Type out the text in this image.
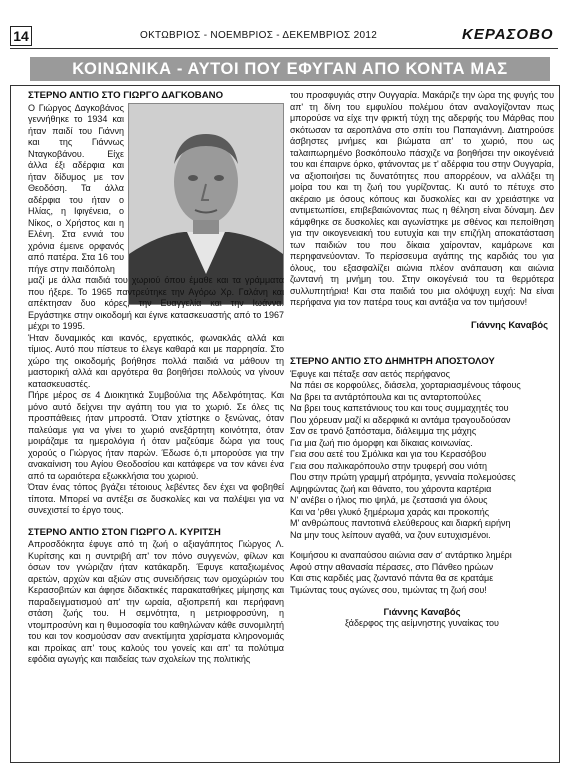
14	ΟΚΤΩΒΡΙΟΣ - ΝΟΕΜΒΡΙΟΣ - ΔΕΚΕΜΒΡΙΟΣ 2012	ΚΕΡΑΣΟΒΟ
ΚΟΙΝΩΝΙΚΑ - ΑΥΤΟΙ ΠΟΥ ΕΦΥΓΑΝ ΑΠΟ ΚΟΝΤΑ ΜΑΣ
ΣΤΕΡΝΟ ΑΝΤΙΟ ΣΤΟ ΓΙΩΡΓΟ ΔΑΓΚΟΒΑΝΟ

Ο Γιώργος Δαγκοβάνος γεννήθηκε το 1934 και ήταν παιδί του Γιάννη και της Γιάννως Νταγκοβάνου. Είχε άλλα έξι αδέρφια και ήταν δίδυμος με τον Θεοδόση. Τα άλλα αδέρφια του ήταν ο Ηλίας, η Ιφιγένεια, ο Νίκος, ο Χρήστος και η Ελένη. Στα εννιά του χρόνια έμεινε ορφανός από πατέρα. Στα 16 του πήγε στην παιδόπολη

μαζί με άλλα παιδιά του χωριού όπου έμαθε και τα γράμματα που ήξερε. Το 1965 παντρεύτηκε την Αγόρω Χρ. Γαλάνη και απέκτησαν δυο κόρες, την Ευαγγελία και την Ιωάννα. Εργάστηκε στην οικοδομή και έγινε κατασκευαστής από το 1967 μέχρι το 1995.

Ήταν δυναμικός και ικανός, εργατικός, φωνακλάς αλλά και τίμιος. Αυτό που πίστευε το έλεγε καθαρά και με παρρησία. Στο χώρο της οικοδομής βοήθησε πολλά παιδιά να μάθουν τη μαστορική αλλά και αργότερα θα βοηθήσει πολλούς να γίνουν κατασκευαστές.

Πήρε μέρος σε 4 Διοικητικά Συμβούλια της Αδελφότητας. Και μόνο αυτό δείχνει την αγάπη του για το χωριό. Σε όλες τις προσπάθειες ήταν μπροστά. Όταν χτίστηκε ο ξενώνας, όταν παλεύαμε για να γίνει το χωριό ανεξάρτητη κοινότητα, όταν μοιράζαμε τα ημερολόγια ή όταν μαζεύαμε δώρα για τους χορούς ο Γιώργος ήταν παρών. Έδωσε ό,τι μπορούσε για την ανακαίνιση του Αγίου Θεοδοσίου και κατάφερε να τον κάνει ένα από τα ωραιότερα εξωκκλήσια του χωριού.

Όταν ένας τόπος βγάζει τέτοιους λεβέντες δεν έχει να φοβηθεί τίποτα. Μπορεί να αντέξει σε δυσκολίες και να παλέψει για να συνεχιστεί το έργο τους.

ΣΤΕΡΝΟ ΑΝΤΙΟ ΣΤΟΝ ΓΙΩΡΓΟ Λ. ΚΥΡΙΤΣΗ

Απροσδόκητα έφυγε από τη ζωή ο αξιαγάπητος Γιώργος Λ. Κυρίτσης και η συντριβή απ' τον πόνο συγγενών, φίλων και όσων τον γνώριζαν ήταν κατάκαρδη. Έφυγε καταξιωμένος αρετών, αρχών και αξιών στις συνειδήσεις των ομοχώριών του Κερασοβιτών και άφησε διδακτικές παρακαταθήκες μίμησης και παραδειγματισμού απ' την ωραία, αξιοπρεπή και περήφανη στάση ζωής του. Η σεμνότητα, η μετριοφροσύνη, η ντομπροσύνη και η θυμοσοφία του καθηλώναν κάθε συνομιλητή του και τον κοσμούσαν σαν ανεκτίμητα χαρίσματα κληρονομιάς και προίκας απ' τους καλούς του γονείς και απ' τα πολύτιμα εφόδια αγωγής και παιδείας των σχολείων της πολιτικής

του προσφυγιάς στην Ουγγαρία. Μακάριζε την ώρα της φυγής του απ' τη δίνη του εμφυλίου πολέμου όταν αναλογίζονταν πως μπορούσε να είχε την φρικτή τύχη της αδερφής του Μάρθας που σκότωσαν τα αεροπλάνα στο σπίτι του Παπαγιάννη. Διατηρούσε άσβηστες μνήμες και βιώματα απ' το χωριό, που ως ταλαιπωρημένο βοσκόπουλο πάσχιζε να βοηθήσει την οικογένειά του και έπαιρνε όρκο, φτάνοντας με τ' αδέρφια του στην Ουγγαρία, να αξιοποιήσει τις δυνατότητες που απορρέουν, να αλλάξει τη μοίρα του και τη ζωή του γυρίζοντας. Κι αυτό το πέτυχε στο ακέραιο με όσους κόπους και δυσκολίες και αν χρειάστηκε να αντιμετωπίσει, επιβεβαιώνοντας πως η θέληση είναι δύναμη. Δεν κάμφθηκε σε δυσκολίες και αγωνίστηκε με σθένος και πεποίθηση για την οικογενειακή του ευτυχία και την επιζήλη αποκατάσταση των παιδιών του που δίκαια χαίρονταν, καμάρωνε και περηφανεύονταν. Το περίσσευμα αγάπης της καρδιάς του για όλους, του εξασφαλίζει αιώνια πλέον ανάπαυση και αιώνια ζωντανή τη μνήμη του. Στην οικογένειά του τα θερμότερα συλλυπητήρια! Και στα παιδιά του μια ολόψυχη ευχή: Να είναι περήφανα για τον πατέρα τους και αντάξια να τον τιμήσουν!

Γιάννης Καναβός
ΣΤΕΡΝΟ ΑΝΤΙΟ ΣΤΟ ΔΗΜΗΤΡΗ ΑΠΟΣΤΟΛΟΥ
Έφυγε και πέταξε σαν αετός περήφανος
Να πάει σε κορφούλες, διάσελα, χορταριασμένους τάφους
Να βρει τα αντάρτόπουλα και τις ανταρτοπούλες
Να βρει τους καπετάνιους του και τους συμμαχητές του
Που χόρευαν μαζί κι αδερφικά κι αντάμα τραγουδούσαν
Σαν σε τρανό ξαπόσταμα, διάλειμμα της μάχης
Για μια ζωή πιο όμορφη και δίκαιας κοινωνίας.
Γεια σου αετέ του Σμόλικα και για του Κερασόβου
Γεια σου παλικαρόπουλο στην τρυφερή σου νιότη
Που στην πρώτη γραμμή ατρόμητα, γενναία πολεμούσες
Αψηφώντας ζωή και θάνατο, του χάροντα καρτέρια
Ν' ανέβει ο ήλιος πιο ψηλά, με ζεστασιά για όλους
Και να 'ρθει γλυκό ξημέρωμα χαράς και προκοπής
Μ' ανθρώπους παντοτινά ελεύθερους και διαρκή ειρήνη
Να μην τους λείπουν αγαθά, να ζουν ευτυχισμένοι.
Κοιμήσου κι αναπαύσου αιώνια σαν σ' αντάρτικο λημέρι
Αφού στην αθανασία πέρασες, στο Πάνθεο ηρώων
Και στις καρδιές μας ζωντανό πάντα θα σε κρατάμε
Τιμώντας τους αγώνες σου, τιμώντας τη ζωή σου!
Γιάννης Καναβός
ξάδερφος της αείμνηστης γυναίκας του
